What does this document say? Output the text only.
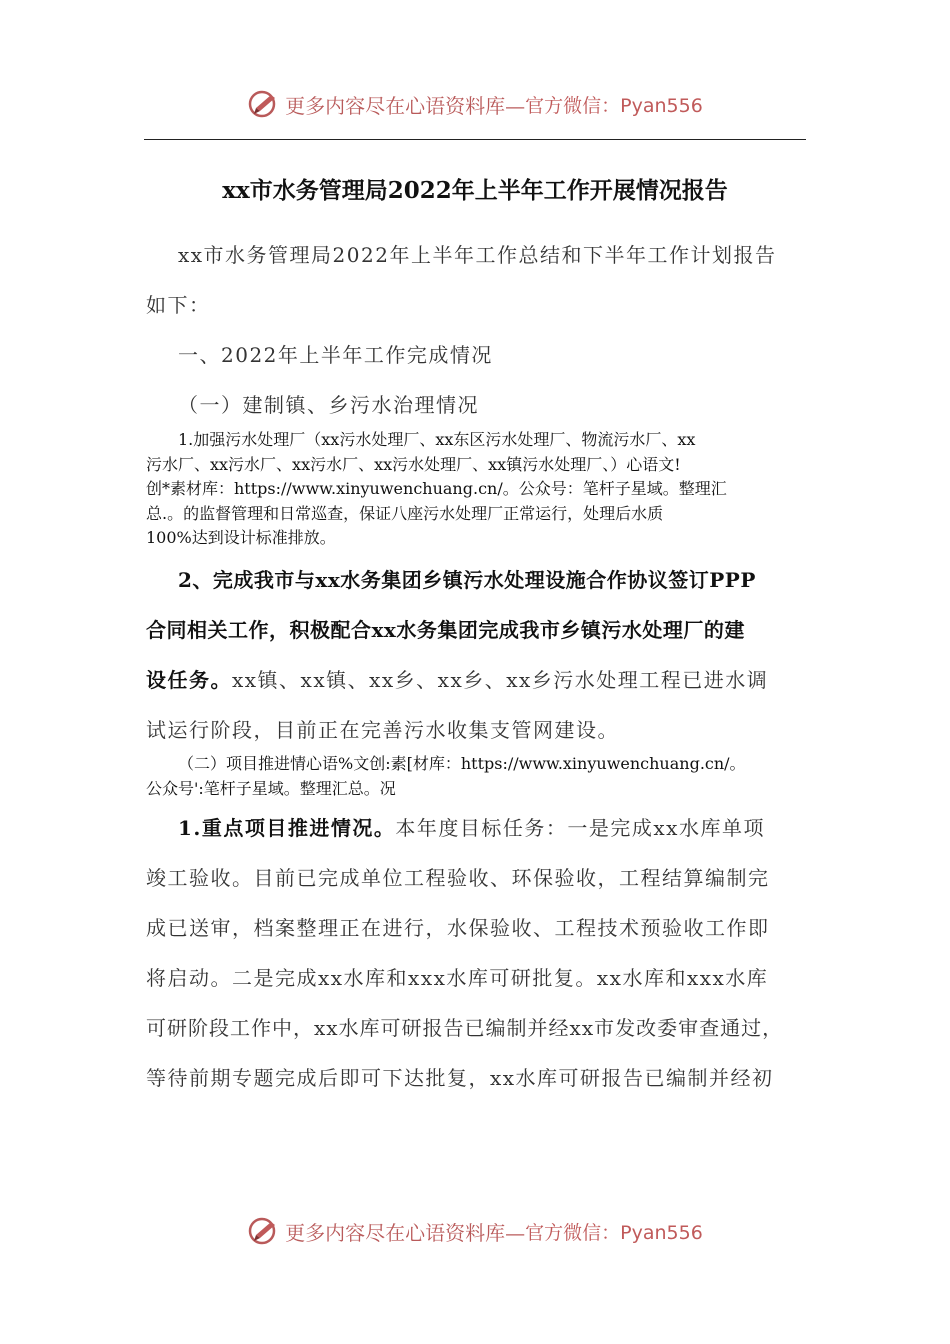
更多内容尽在心语资料库— 官方微信：Pyan556
xx市水务管理局2022年上半年工作开展情况报告
xx市水务管理局2022年上半年工作总结和下半年工作计划报告
如下：
一、2022年上半年工作完成情况
（一）建制镇、乡污水治理情况
1.加强污水处理厂（xx污水处理厂、xx东区污水处理厂、物流污水厂、xx
污水厂、xx污水厂、xx污水厂、xx污水处理厂、xx镇污水处理厂、）心语文!
创*素材库：https://www.xinyuwenchuang.cn/。公众号：笔杆子星域。整理汇
总.。的监督管理和日常巡查，保证八座污水处理厂正常运行，处理后水质
100%达到设计标准排放。
2、完成我市与xx水务集团乡镇污水处理设施合作协议签订PPP
合同相关工作，积极配合xx水务集团完成我市乡镇污水处理厂的建
设任务。xx镇、xx镇、xx乡、xx乡、xx乡污水处理工程已进水调
试运行阶段，目前正在完善污水收集支管网建设。
（二）项目推进情心语%文创:素[材库：https://www.xinyuwenchuang.cn/。
公众号':笔杆子星域。整理汇总。况
1.重点项目推进情况。本年度目标任务：一是完成xx水库单项
竣工验收。目前已完成单位工程验收、环保验收，工程结算编制完
成已送审，档案整理正在进行，水保验收、工程技术预验收工作即
将启动。二是完成xx水库和xxx水库可研批复。xx水库和xxx水库
可研阶段工作中，xx水库可研报告已编制并经xx市发改委审查通过，
等待前期专题完成后即可下达批复，xx水库可研报告已编制并经初
更多内容尽在心语资料库— 官方微信：Pyan556
